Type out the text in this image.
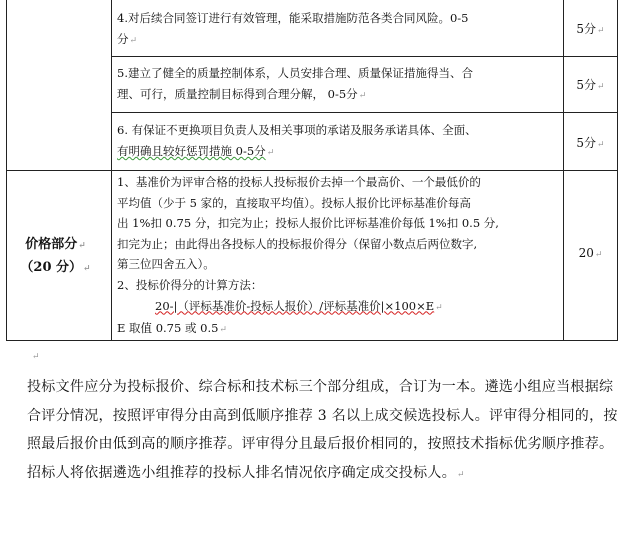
4.对后续合同签订进行有效管理，能采取措施防范各类合同风险。0-5
分↵
5分↵
5.建立了健全的质量控制体系，人员安排合理、质量保证措施得当、合
理、可行，质量控制目标得到合理分解， 0-5分↵
5分↵
6. 有保证不更换项目负责人及相关事项的承诺及服务承诺具体、全面、
有明确且较好惩罚措施 0-5分↵
5分↵
价格部分↵
（20 分）↵
1、基准价为评审合格的投标人投标报价去掉一个最高价、一个最低价的
平均值（少于 5 家的，直接取平均值）。投标人报价比评标基准价每高
出 1%扣 0.75 分，扣完为止；投标人报价比评标基准价每低 1%扣 0.5 分,
扣完为止；由此得出各投标人的投标报价得分（保留小数点后两位数字,
第三位四舍五入）。
2、投标价得分的计算方法：
20-|（评标基准价-投标人报价）/评标基准价|×100×E↵
E 取值 0.75 或 0.5↵
20↵
↵
投标文件应分为投标报价、综合标和技术标三个部分组成，合订为一本。遴选小组应当根据综合评分情况，按照评审得分由高到低顺序推荐 3 名以上成交候选投标人。评审得分相同的，按照最后报价由低到高的顺序推荐。评审得分且最后报价相同的，按照技术指标优劣顺序推荐。招标人将依据遴选小组推荐的投标人排名情况依序确定成交投标人。↵
